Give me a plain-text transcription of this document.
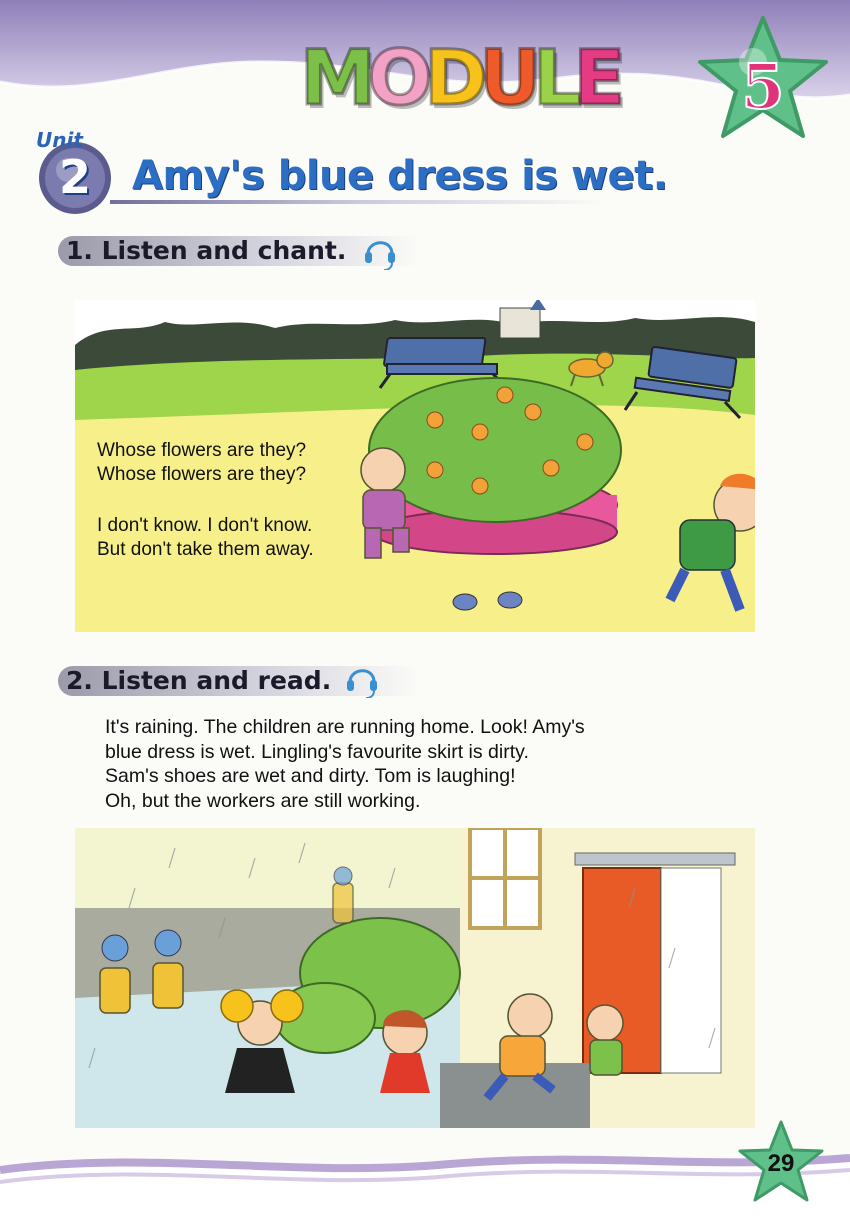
MODULE	5
Unit
2	Amy's blue dress is wet.
1. Listen and chant.
Whose flowers are they?
Whose flowers are they?
I don't know. I don't know.
But don't take them away.
2. Listen and read.
It's raining. The children are running home. Look! Amy's
blue dress is wet. Lingling's favourite skirt is dirty.
Sam's shoes are wet and dirty. Tom is laughing!
Oh, but the workers are still working.
29
